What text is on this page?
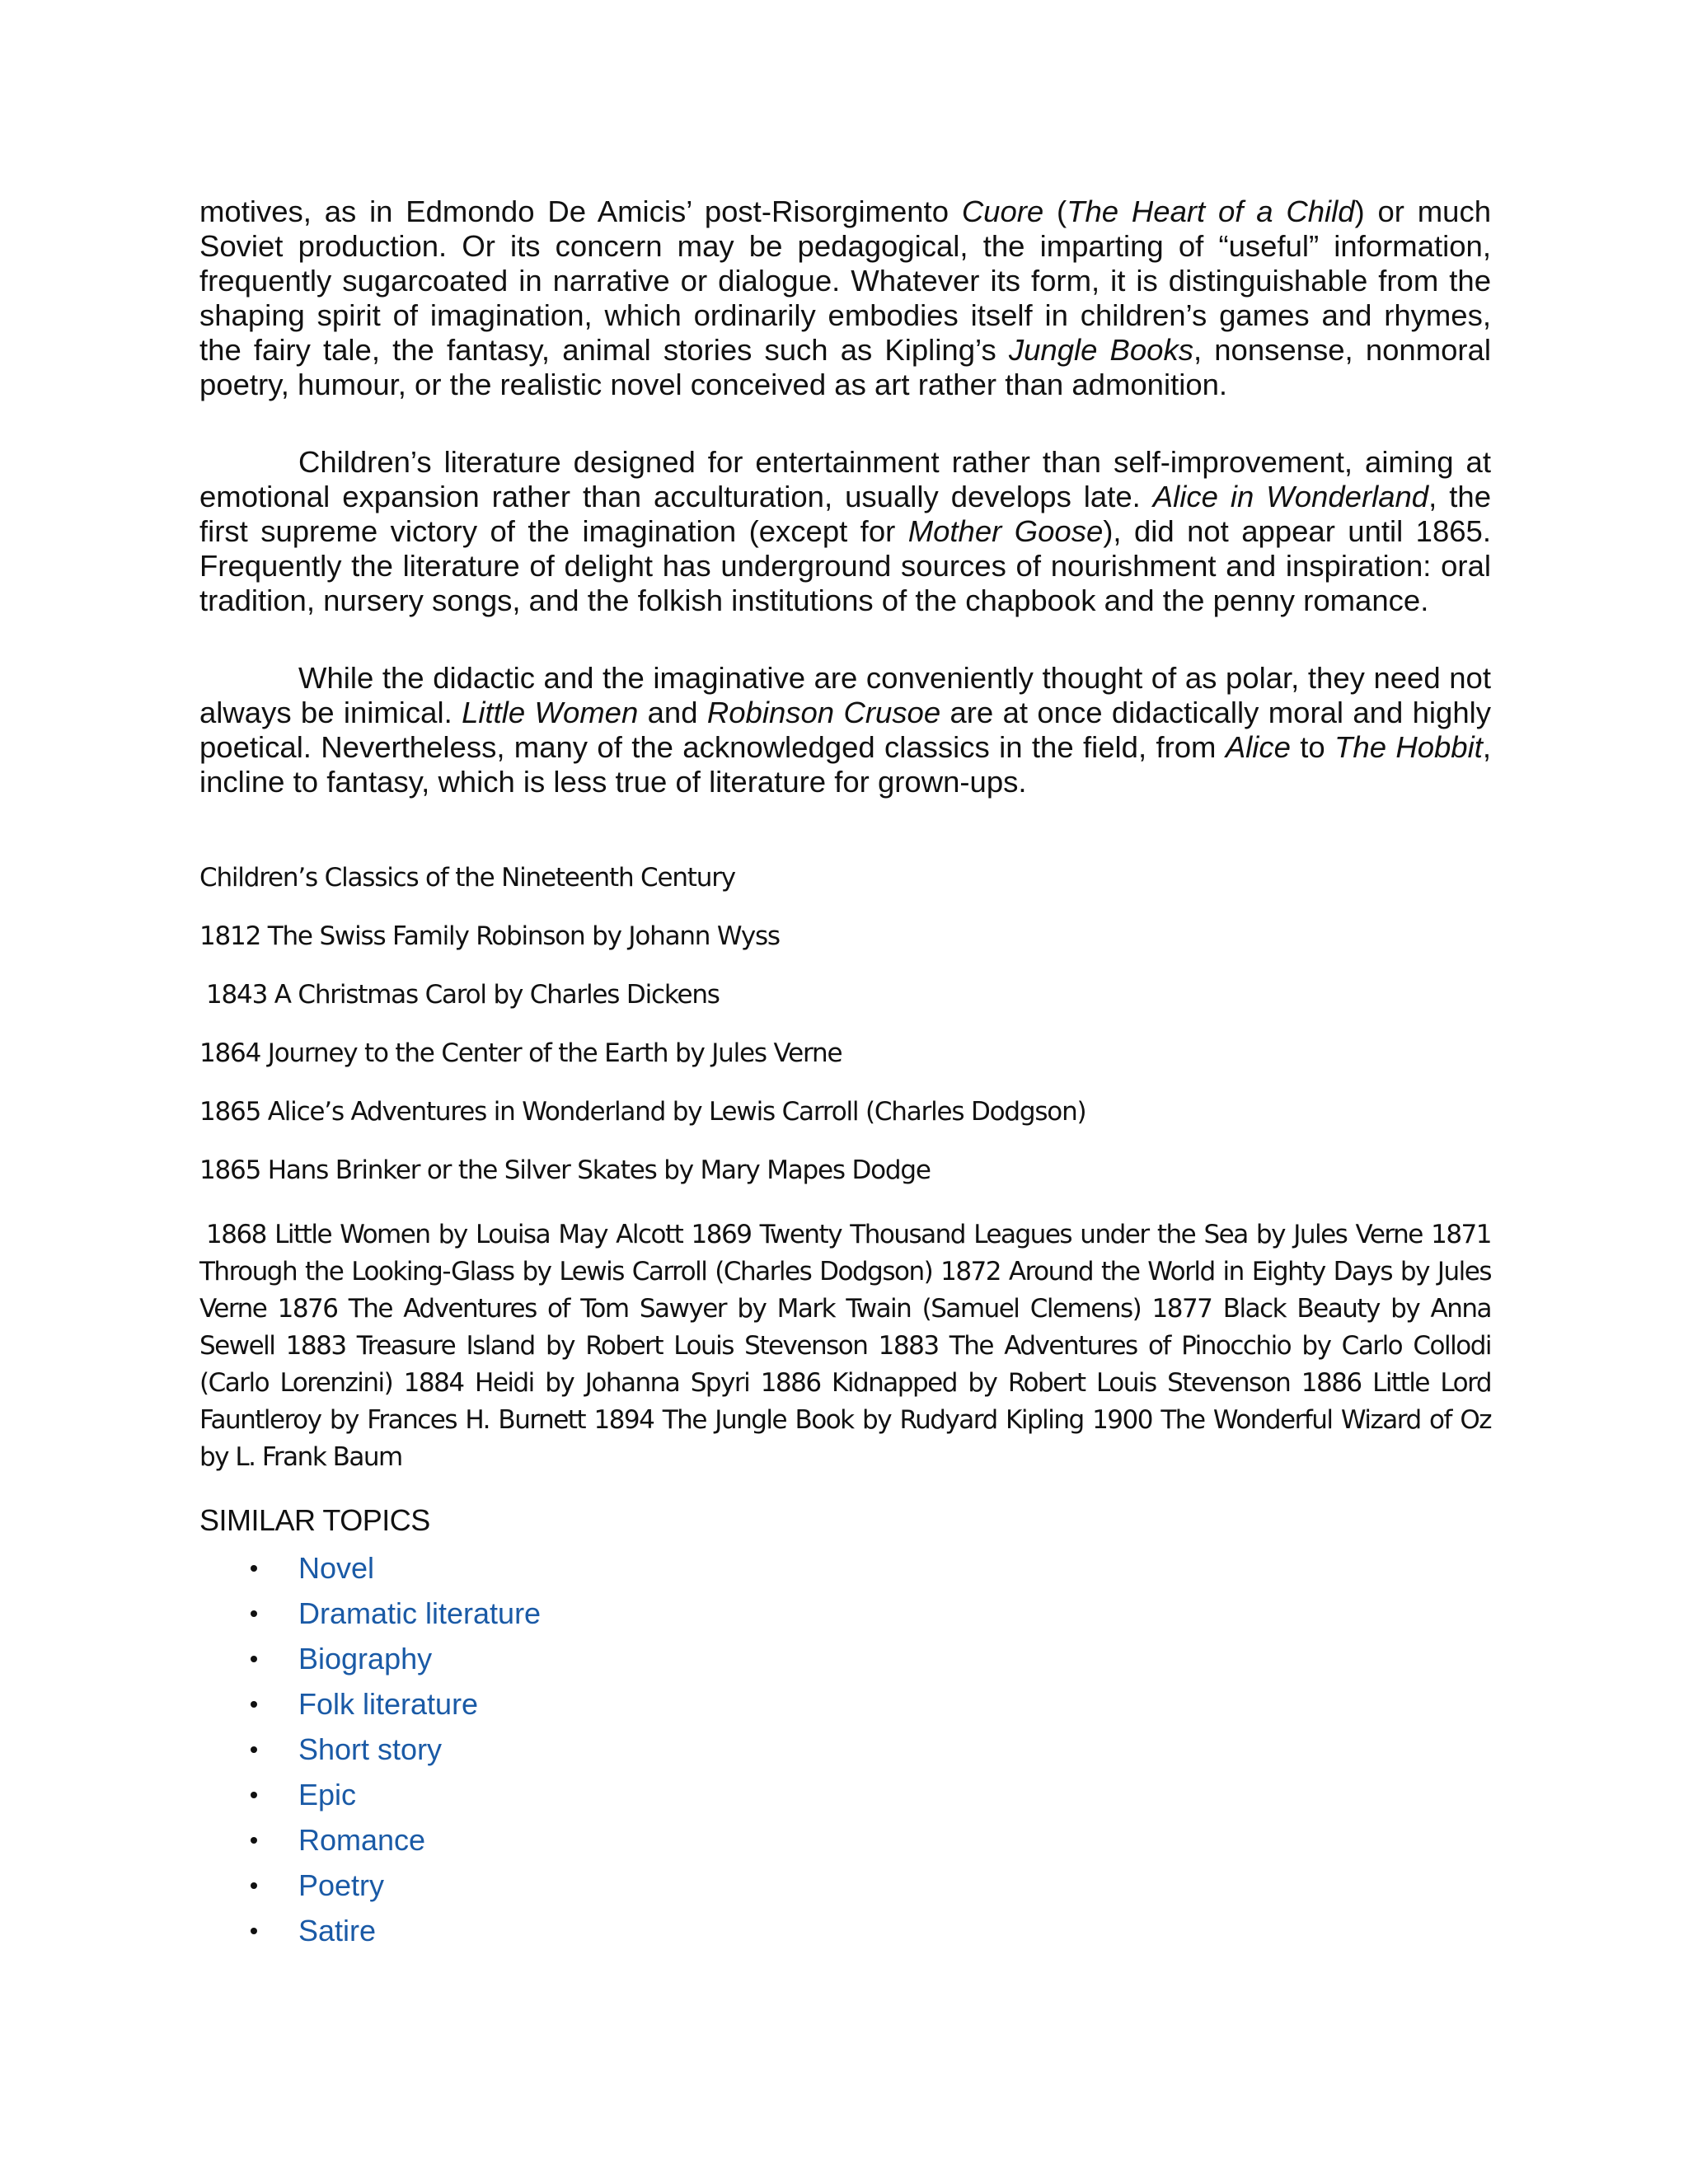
motives, as in Edmondo De Amicis’ post-Risorgimento Cuore (The Heart of a Child) or much Soviet production. Or its concern may be pedagogical, the imparting of “useful” information, frequently sugarcoated in narrative or dialogue. Whatever its form, it is distinguishable from the shaping spirit of imagination, which ordinarily embodies itself in children’s games and rhymes, the fairy tale, the fantasy, animal stories such as Kipling’s Jungle Books, nonsense, nonmoral poetry, humour, or the realistic novel conceived as art rather than admonition.

Children’s literature designed for entertainment rather than self-improvement, aiming at emotional expansion rather than acculturation, usually develops late. Alice in Wonderland, the first supreme victory of the imagination (except for Mother Goose), did not appear until 1865. Frequently the literature of delight has underground sources of nourishment and inspiration: oral tradition, nursery songs, and the folkish institutions of the chapbook and the penny romance.

While the didactic and the imaginative are conveniently thought of as polar, they need not always be inimical. Little Women and Robinson Crusoe are at once didactically moral and highly poetical. Nevertheless, many of the acknowledged classics in the field, from Alice to The Hobbit, incline to fantasy, which is less true of literature for grown-ups.

Children’s Classics of the Nineteenth Century
1812 The Swiss Family Robinson by Johann Wyss
1843 A Christmas Carol by Charles Dickens
1864 Journey to the Center of the Earth by Jules Verne
1865 Alice’s Adventures in Wonderland by Lewis Carroll (Charles Dodgson)
1865 Hans Brinker or the Silver Skates by Mary Mapes Dodge
1868 Little Women by Louisa May Alcott 1869 Twenty Thousand Leagues under the Sea by Jules Verne 1871 Through the Looking-Glass by Lewis Carroll (Charles Dodgson) 1872 Around the World in Eighty Days by Jules Verne 1876 The Adventures of Tom Sawyer by Mark Twain (Samuel Clemens) 1877 Black Beauty by Anna Sewell 1883 Treasure Island by Robert Louis Stevenson 1883 The Adventures of Pinocchio by Carlo Collodi (Carlo Lorenzini) 1884 Heidi by Johanna Spyri 1886 Kidnapped by Robert Louis Stevenson 1886 Little Lord Fauntleroy by Frances H. Burnett 1894 The Jungle Book by Rudyard Kipling 1900 The Wonderful Wizard of Oz by L. Frank Baum
SIMILAR TOPICS
Novel
Dramatic literature
Biography
Folk literature
Short story
Epic
Romance
Poetry
Satire
